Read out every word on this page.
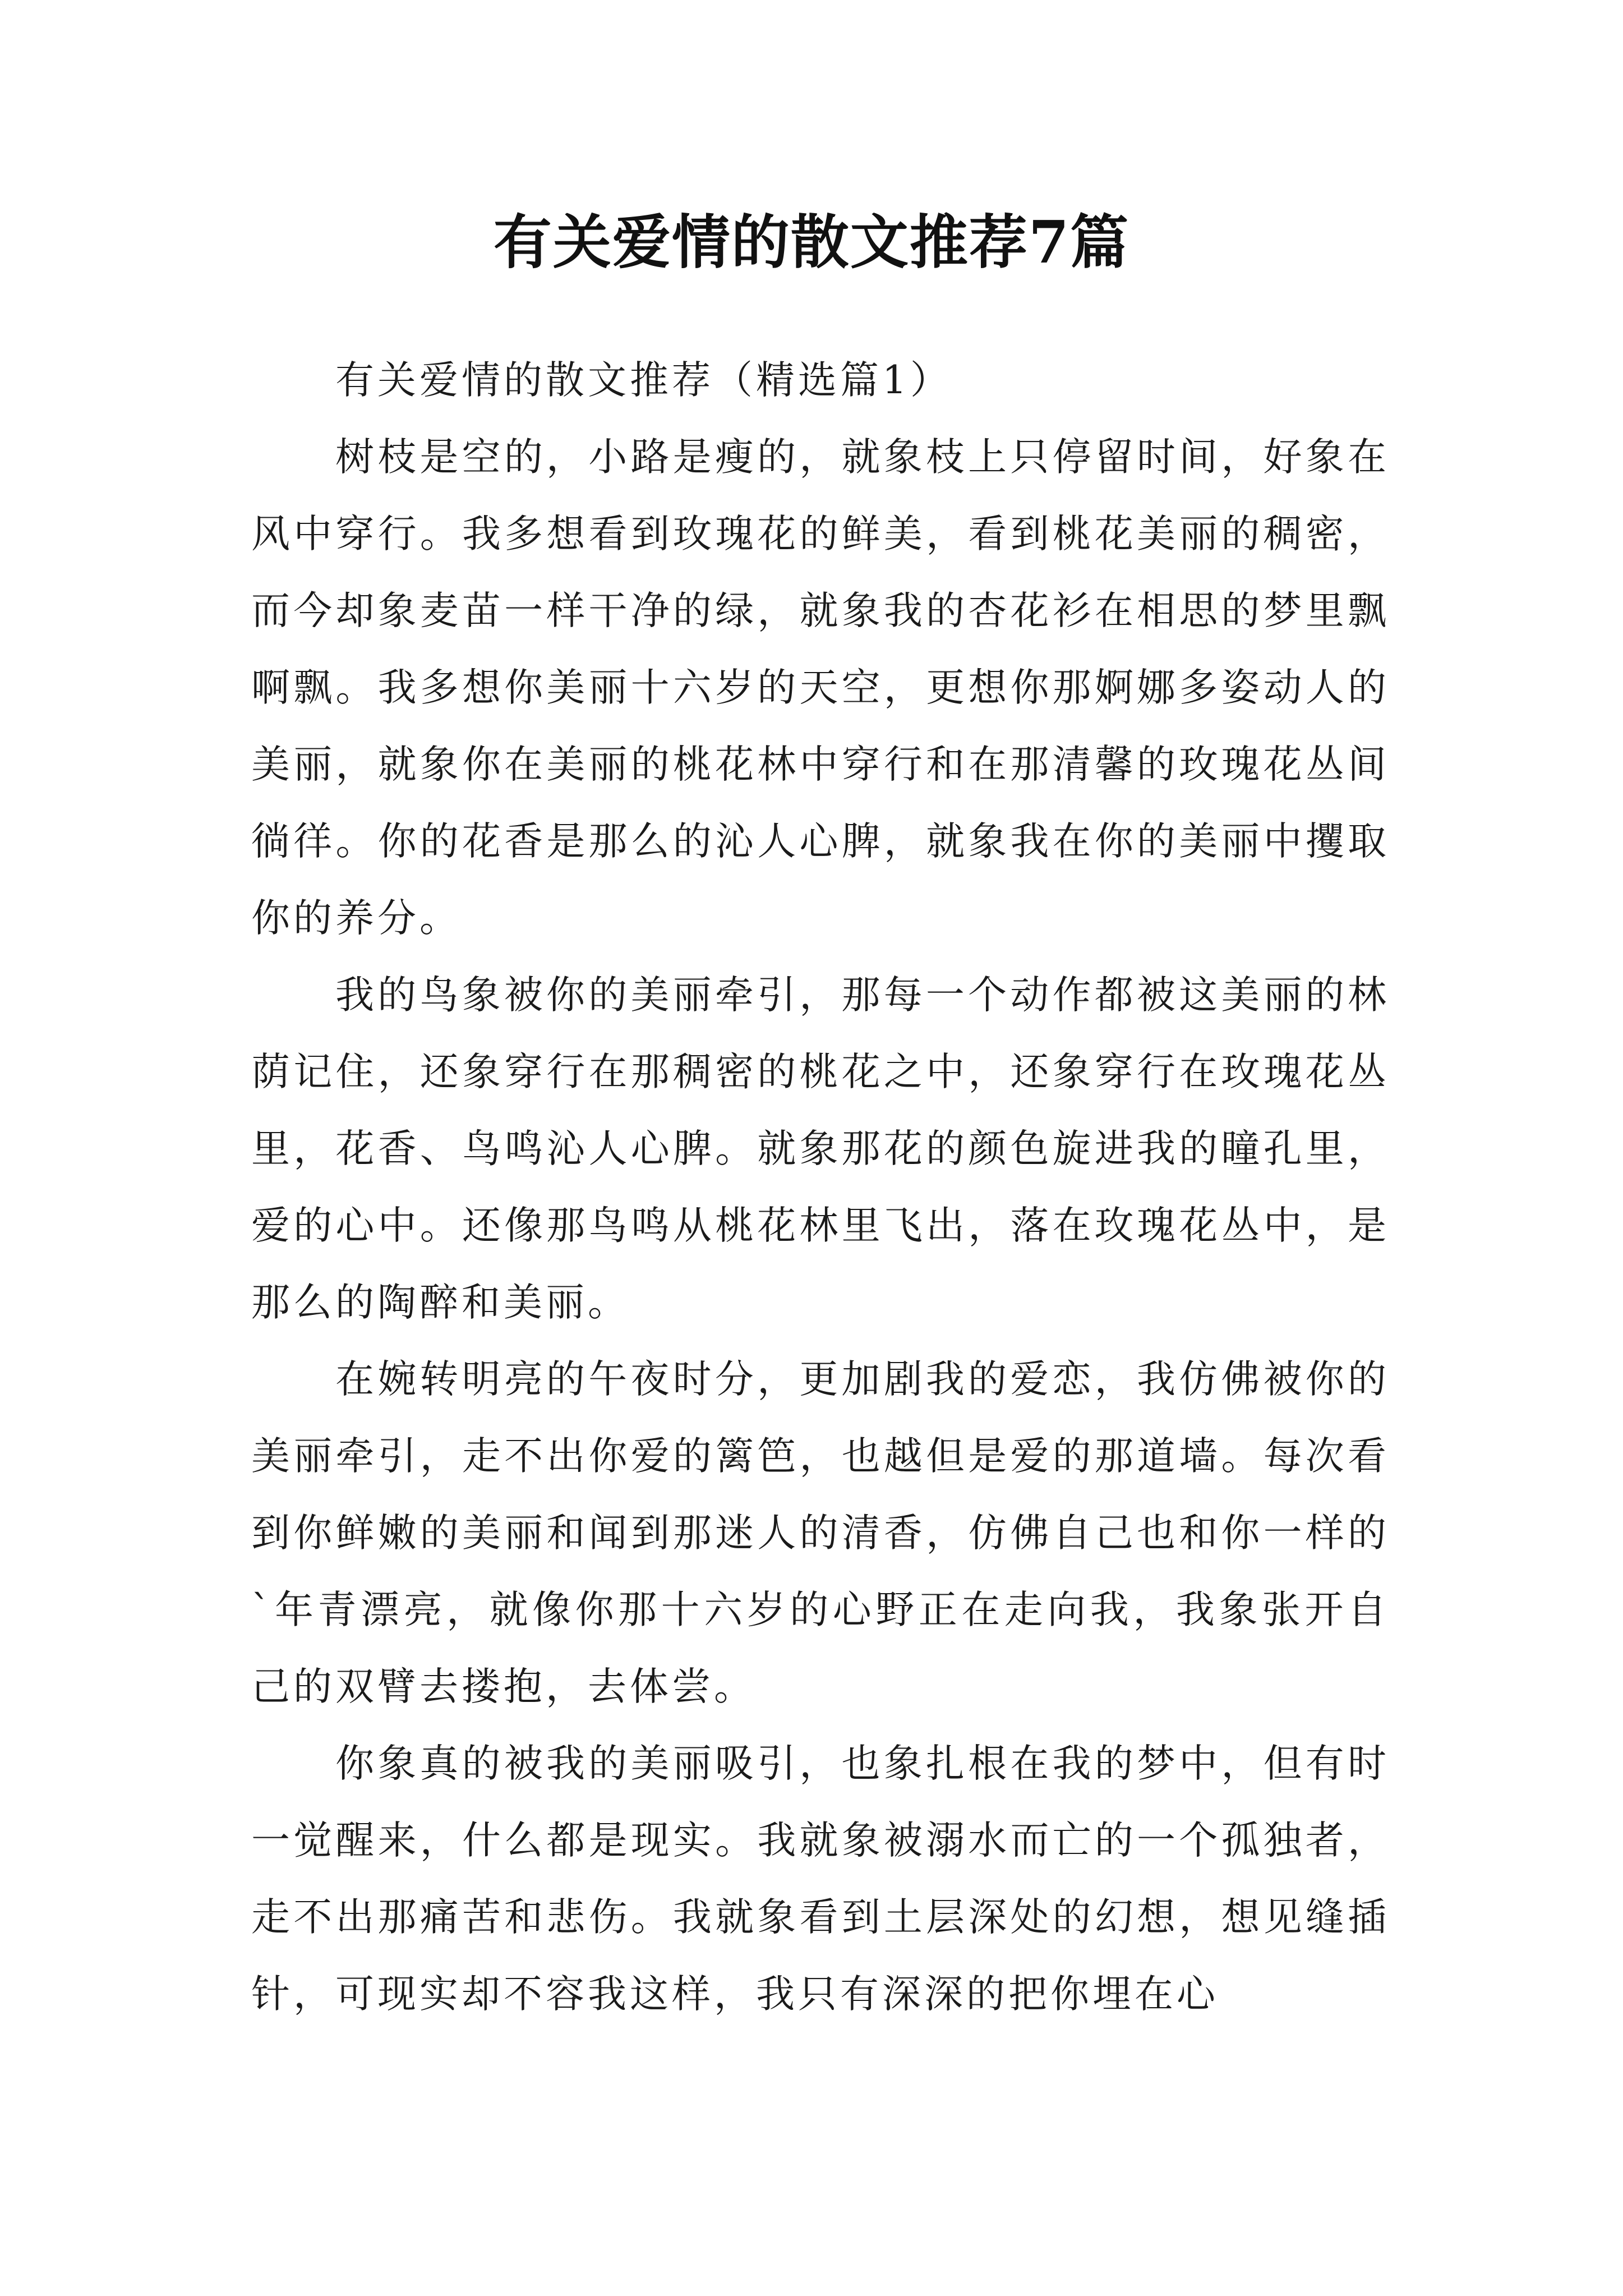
有关爱情的散文推荐7篇

有关爱情的散文推荐（精选篇1）

树枝是空的，小路是瘦的，就象枝上只停留时间，好象在风中穿行。我多想看到玫瑰花的鲜美，看到桃花美丽的稠密，而今却象麦苗一样干净的绿，就象我的杏花衫在相思的梦里飘啊飘。我多想你美丽十六岁的天空，更想你那婀娜多姿动人的美丽，就象你在美丽的桃花林中穿行和在那清馨的玫瑰花丛间徜徉。你的花香是那么的沁人心脾，就象我在你的美丽中攫取你的养分。

我的鸟象被你的美丽牵引，那每一个动作都被这美丽的林荫记住，还象穿行在那稠密的桃花之中，还象穿行在玫瑰花丛里，花香、鸟鸣沁人心脾。就象那花的颜色旋进我的瞳孔里，爱的心中。还像那鸟鸣从桃花林里飞出，落在玫瑰花丛中，是那么的陶醉和美丽。

在婉转明亮的午夜时分，更加剧我的爱恋，我仿佛被你的美丽牵引，走不出你爱的篱笆，也越但是爱的那道墙。每次看到你鲜嫩的美丽和闻到那迷人的清香，仿佛自己也和你一样的`年青漂亮，就像你那十六岁的心野正在走向我，我象张开自己的双臂去搂抱，去体尝。

你象真的被我的美丽吸引，也象扎根在我的梦中，但有时一觉醒来，什么都是现实。我就象被溺水而亡的一个孤独者，走不出那痛苦和悲伤。我就象看到土层深处的幻想，想见缝插针，可现实却不容我这样，我只有深深的把你埋在心
